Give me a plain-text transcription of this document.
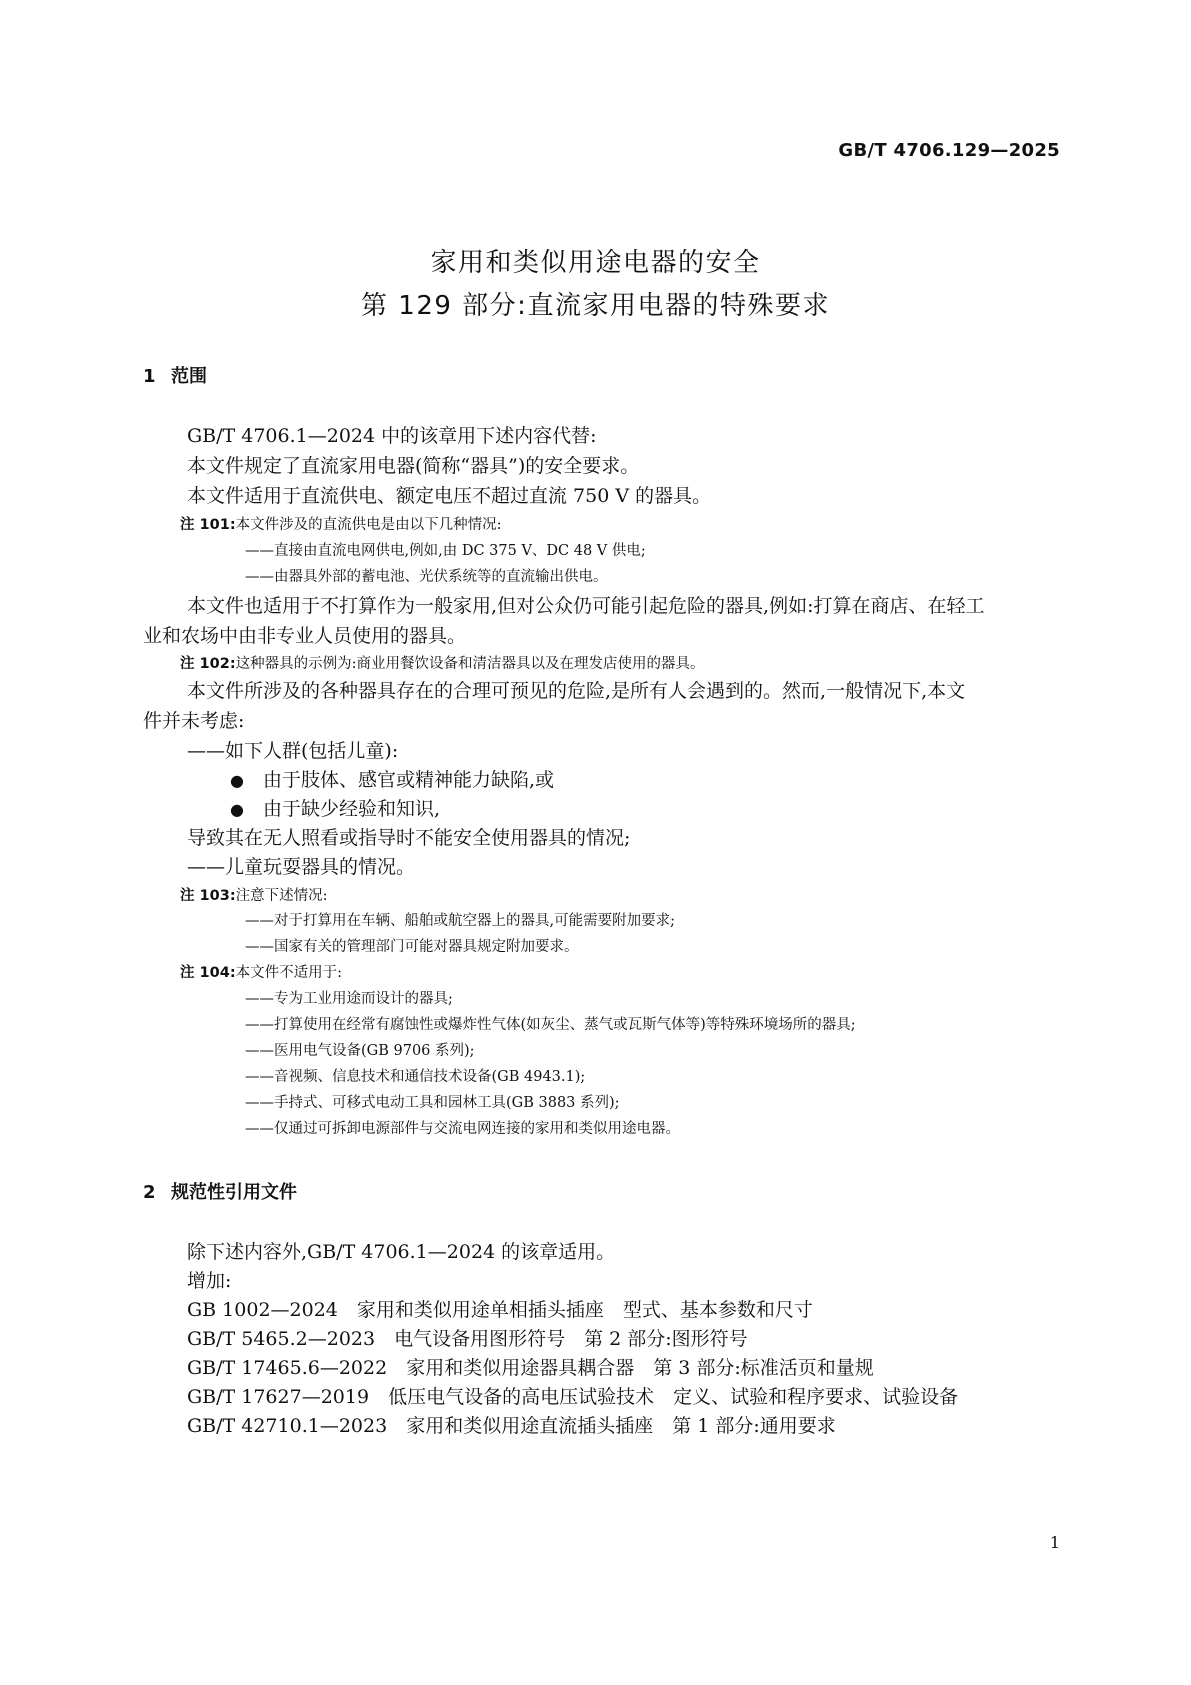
GB/T 4706.129—2025
家用和类似用途电器的安全
第 129 部分:直流家用电器的特殊要求
1 范围
GB/T 4706.1—2024 中的该章用下述内容代替:
本文件规定了直流家用电器(简称“器具”)的安全要求。
本文件适用于直流供电、额定电压不超过直流 750 V 的器具。
注 101:本文件涉及的直流供电是由以下几种情况:
——直接由直流电网供电,例如,由 DC 375 V、DC 48 V 供电;
——由器具外部的蓄电池、光伏系统等的直流输出供电。
本文件也适用于不打算作为一般家用,但对公众仍可能引起危险的器具,例如:打算在商店、在轻工
业和农场中由非专业人员使用的器具。
注 102:这种器具的示例为:商业用餐饮设备和清洁器具以及在理发店使用的器具。
本文件所涉及的各种器具存在的合理可预见的危险,是所有人会遇到的。然而,一般情况下,本文
件并未考虑:
——如下人群(包括儿童):
● 由于肢体、感官或精神能力缺陷,或
● 由于缺少经验和知识,
导致其在无人照看或指导时不能安全使用器具的情况;
——儿童玩耍器具的情况。
注 103:注意下述情况:
——对于打算用在车辆、船舶或航空器上的器具,可能需要附加要求;
——国家有关的管理部门可能对器具规定附加要求。
注 104:本文件不适用于:
——专为工业用途而设计的器具;
——打算使用在经常有腐蚀性或爆炸性气体(如灰尘、蒸气或瓦斯气体等)等特殊环境场所的器具;
——医用电气设备(GB 9706 系列);
——音视频、信息技术和通信技术设备(GB 4943.1);
——手持式、可移式电动工具和园林工具(GB 3883 系列);
——仅通过可拆卸电源部件与交流电网连接的家用和类似用途电器。
2 规范性引用文件
除下述内容外,GB/T 4706.1—2024 的该章适用。
增加:
GB 1002—2024　 家用和类似用途单相插头插座　型式、基本参数和尺寸
GB/T 5465.2—2023　 电气设备用图形符号　第 2 部分:图形符号
GB/T 17465.6—2022　 家用和类似用途器具耦合器　第 3 部分:标准活页和量规
GB/T 17627—2019　 低压电气设备的高电压试验技术　定义、试验和程序要求、试验设备
GB/T 42710.1—2023　 家用和类似用途直流插头插座　第 1 部分:通用要求
1
